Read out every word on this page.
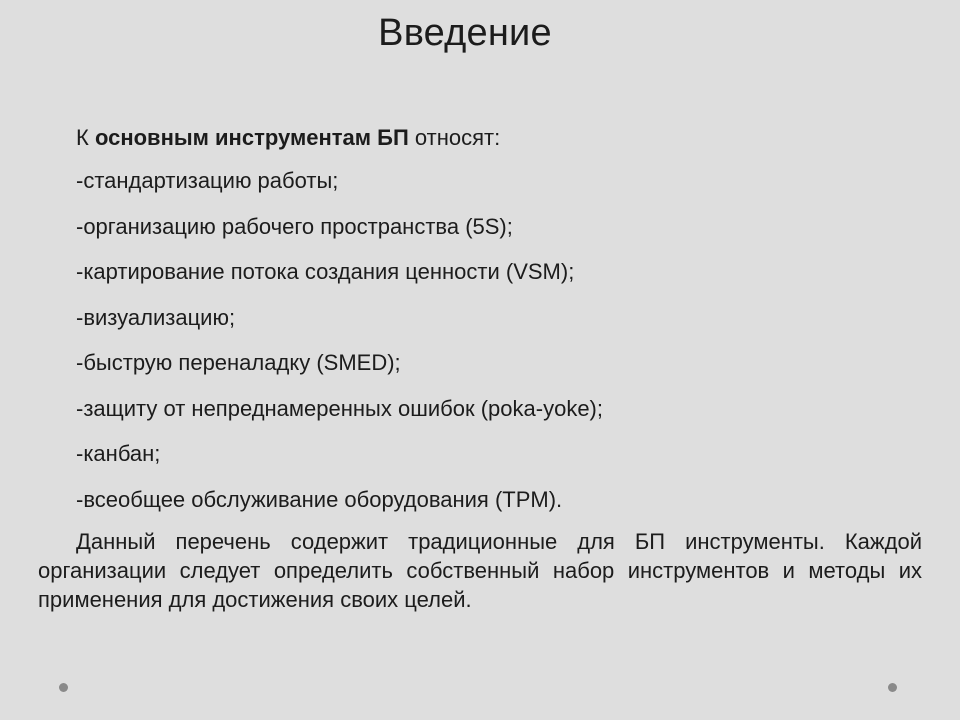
Введение

К основным инструментам БП относят:

-стандартизацию работы;
-организацию рабочего пространства (5S);
-картирование потока создания ценности (VSM);
-визуализацию;
-быструю переналадку (SMED);
-защиту от непреднамеренных ошибок (poka-yoke);
-канбан;
-всеобщее обслуживание оборудования (TPM).

Данный перечень содержит традиционные для БП инструменты. Каждой организации следует определить собственный набор инструментов и методы их применения для достижения своих целей.
